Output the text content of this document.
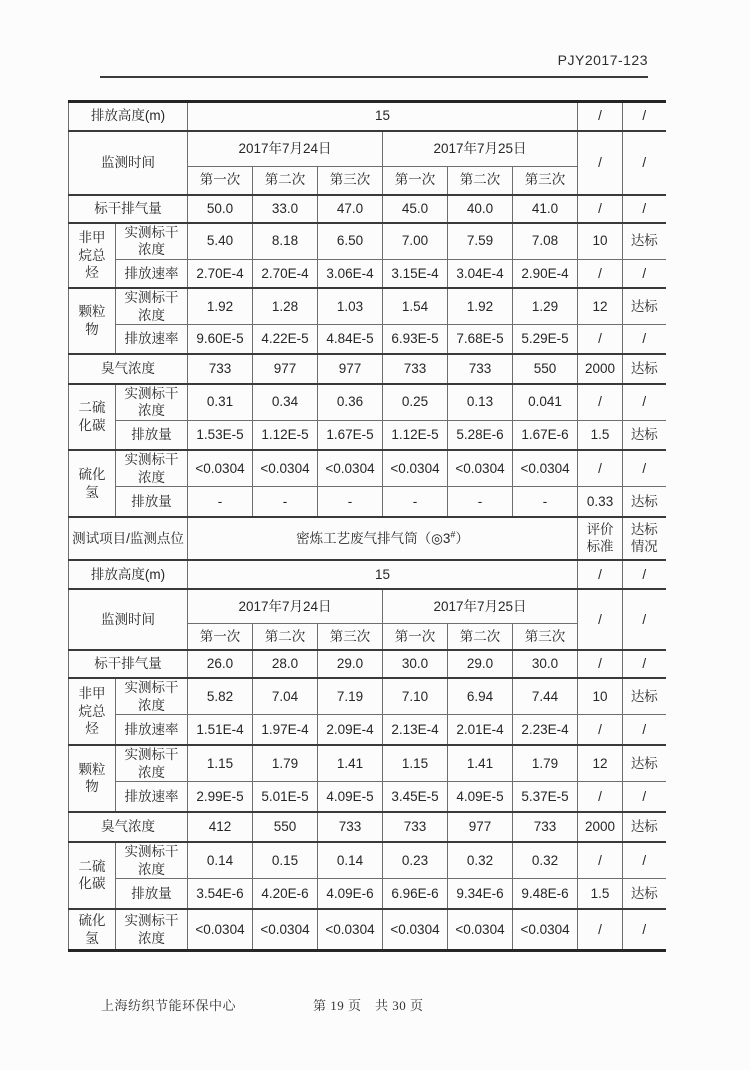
PJY2017-123
排放高度(m)		15						/	/
监测时间		2017年7月24日			2017年7月25日			/	/
		第一次	第二次	第三次	第一次	第二次	第三次		
标干排气量		50.0	33.0	47.0	45.0	40.0	41.0	/	/
非甲烷总烃	实测标干浓度	5.40	8.18	6.50	7.00	7.59	7.08	10	达标
	排放速率	2.70E-4	2.70E-4	3.06E-4	3.15E-4	3.04E-4	2.90E-4	/	/
颗粒物	实测标干浓度	1.92	1.28	1.03	1.54	1.92	1.29	12	达标
	排放速率	9.60E-5	4.22E-5	4.84E-5	6.93E-5	7.68E-5	5.29E-5	/	/
臭气浓度		733	977	977	733	733	550	2000	达标
二硫化碳	实测标干浓度	0.31	0.34	0.36	0.25	0.13	0.041	/	/
	排放量	1.53E-5	1.12E-5	1.67E-5	1.12E-5	5.28E-6	1.67E-6	1.5	达标
硫化氢	实测标干浓度	<0.0304	<0.0304	<0.0304	<0.0304	<0.0304	<0.0304	/	/
	排放量	-	-	-	-	-	-	0.33	达标
测试项目/监测点位		密炼工艺废气排气筒（◎3#）						评价标准	达标情况
排放高度(m)		15						/	/
监测时间		2017年7月24日			2017年7月25日			/	/
		第一次	第二次	第三次	第一次	第二次	第三次		
标干排气量		26.0	28.0	29.0	30.0	29.0	30.0	/	/
非甲烷总烃	实测标干浓度	5.82	7.04	7.19	7.10	6.94	7.44	10	达标
	排放速率	1.51E-4	1.97E-4	2.09E-4	2.13E-4	2.01E-4	2.23E-4	/	/
颗粒物	实测标干浓度	1.15	1.79	1.41	1.15	1.41	1.79	12	达标
	排放速率	2.99E-5	5.01E-5	4.09E-5	3.45E-5	4.09E-5	5.37E-5	/	/
臭气浓度		412	550	733	733	977	733	2000	达标
二硫化碳	实测标干浓度	0.14	0.15	0.14	0.23	0.32	0.32	/	/
	排放量	3.54E-6	4.20E-6	4.09E-6	6.96E-6	9.34E-6	9.48E-6	1.5	达标
硫化氢	实测标干浓度	<0.0304	<0.0304	<0.0304	<0.0304	<0.0304	<0.0304	/	/
上海纺织节能环保中心	第 19 页　共 30 页
